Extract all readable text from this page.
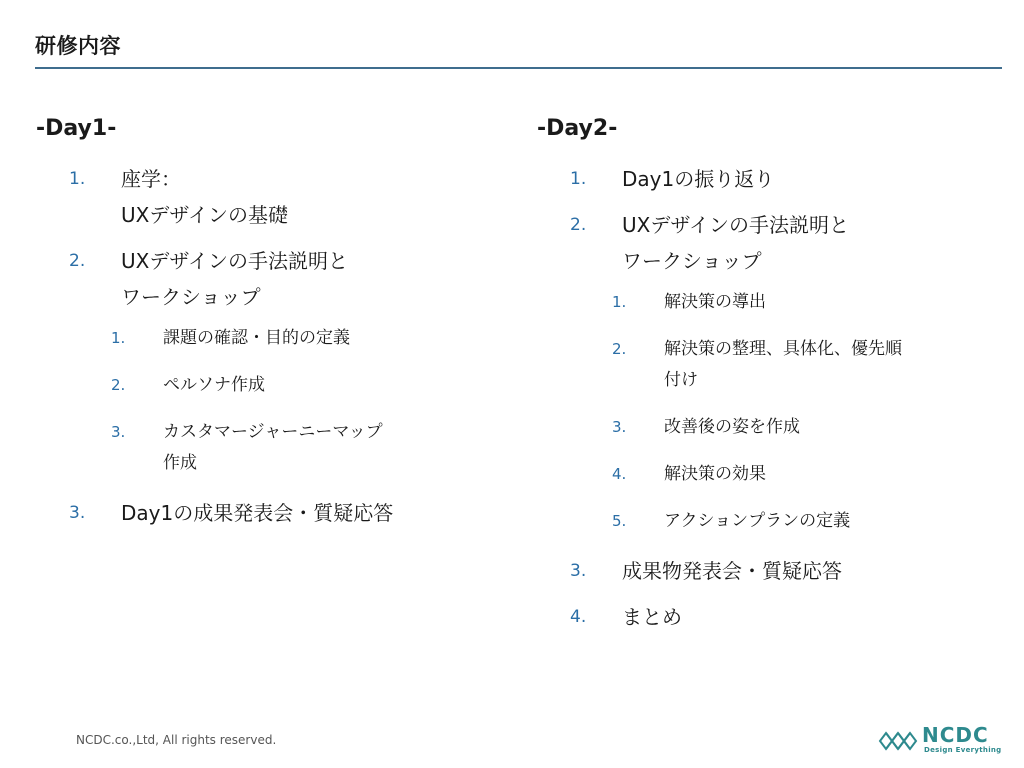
研修内容
-Day1-
1. 座学：
UXデザインの基礎
2. UXデザインの手法説明と
ワークショップ
1. 課題の確認・目的の定義
2. ペルソナ作成
3. カスタマージャーニーマップ
作成
3. Day1の成果発表会・質疑応答
-Day2-
1. Day1の振り返り
2. UXデザインの手法説明と
ワークショップ
1. 解決策の導出
2. 解決策の整理、具体化、優先順
付け
3. 改善後の姿を作成
4. 解決策の効果
5. アクションプランの定義
3. 成果物発表会・質疑応答
4. まとめ
NCDC.co.,Ltd, All rights reserved.	NCDC
Design Everything
